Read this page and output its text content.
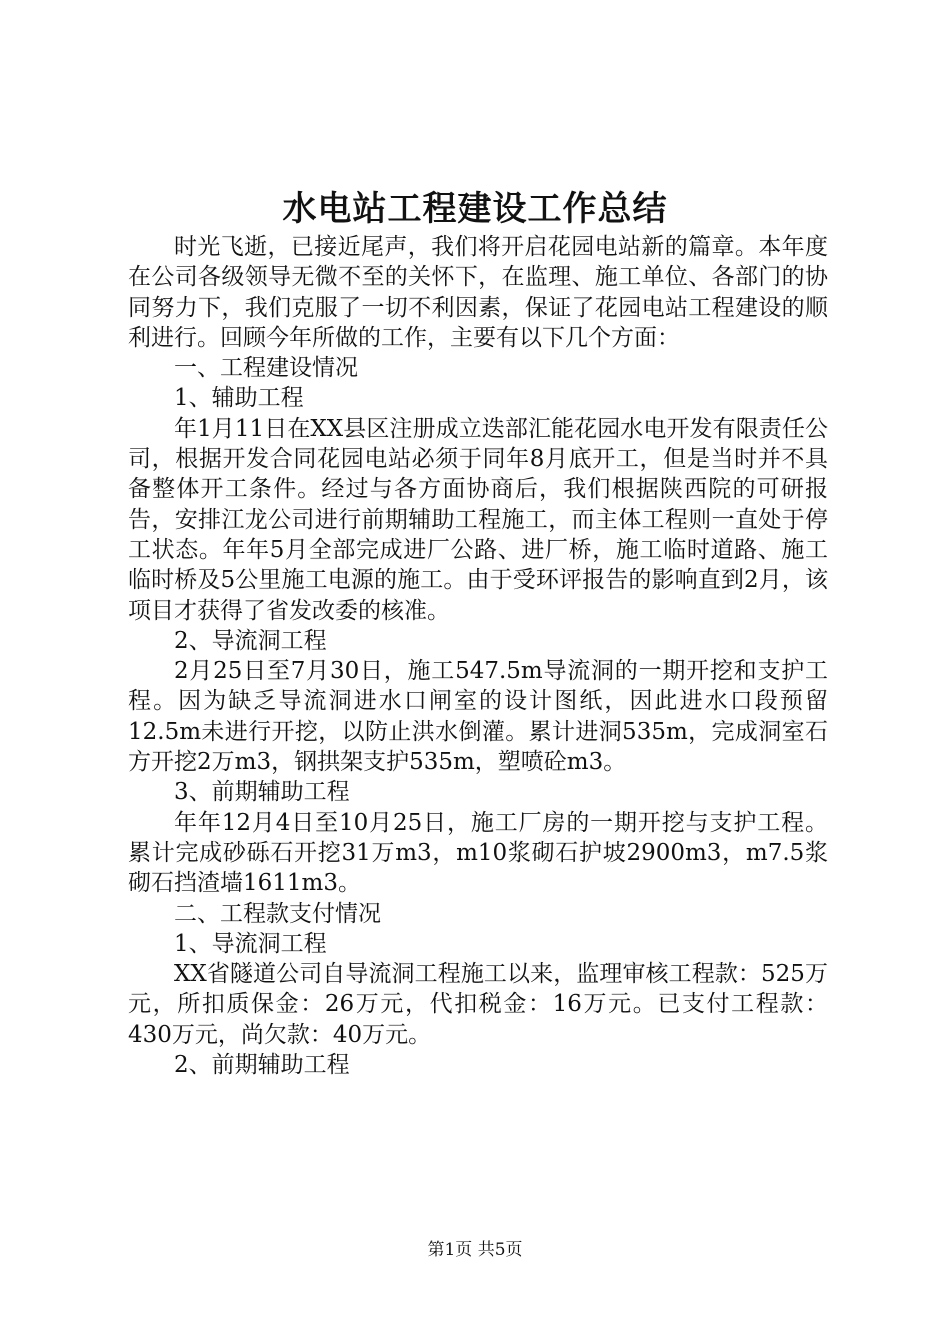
水电站工程建设工作总结

时光飞逝，已接近尾声，我们将开启花园电站新的篇章。本年度在公司各级领导无微不至的关怀下，在监理、施工单位、各部门的协同努力下，我们克服了一切不利因素，保证了花园电站工程建设的顺利进行。回顾今年所做的工作，主要有以下几个方面：

一、工程建设情况

1、辅助工程

年1月11日在XX县区注册成立迭部汇能花园水电开发有限责任公司，根据开发合同花园电站必须于同年8月底开工，但是当时并不具备整体开工条件。经过与各方面协商后，我们根据陕西院的可研报告，安排江龙公司进行前期辅助工程施工，而主体工程则一直处于停工状态。年年5月全部完成进厂公路、进厂桥，施工临时道路、施工临时桥及5公里施工电源的施工。由于受环评报告的影响直到2月，该项目才获得了省发改委的核准。

2、导流洞工程

2月25日至7月30日，施工547.5m导流洞的一期开挖和支护工程。因为缺乏导流洞进水口闸室的设计图纸，因此进水口段预留12.5m未进行开挖，以防止洪水倒灌。累计进洞535m，完成洞室石方开挖2万m3，钢拱架支护535m，塑喷砼m3。

3、前期辅助工程

年年12月4日至10月25日，施工厂房的一期开挖与支护工程。累计完成砂砾石开挖31万m3，m10浆砌石护坡2900m3，m7.5浆砌石挡渣墙1611m3。

二、工程款支付情况

1、导流洞工程

XX省隧道公司自导流洞工程施工以来，监理审核工程款：525万元，所扣质保金：26万元，代扣税金：16万元。已支付工程款：430万元，尚欠款：40万元。

2、前期辅助工程

第1页 共5页
